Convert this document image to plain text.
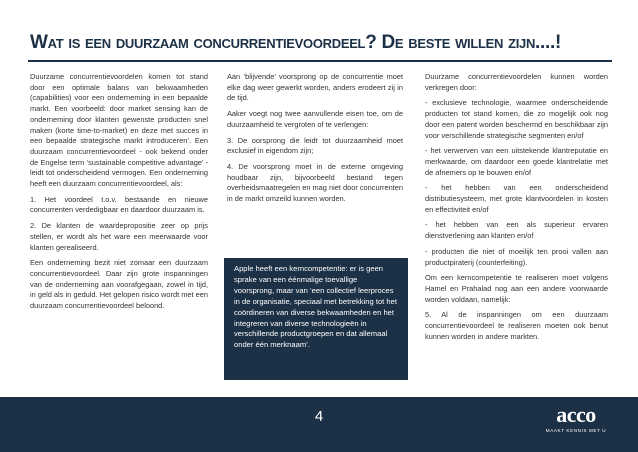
Wat is een duurzaam concurrentievoordeel? De beste willen zijn....!

Duurzame concurrentievoordelen komen tot stand door een optimale balans van bekwaamheden (capabilities) voor een onderneming in een bepaalde markt. Een voorbeeld: door market sensing kan de onderneming door klanten gewenste producten snel maken (korte time-to-market) en deze met succes in een bepaalde strategische markt introduceren’. Een duurzaam concurrentievoordeel - ook bekend onder de Engelse term ‘sustainable competitive advantage’ - leidt tot onderscheidend vermogen. Een onderneming heeft een duurzaam concurrentievoordeel, als:

1. Het voordeel t.o.v. bestaande en nieuwe concurrenten verdedigbaar en daardoor duurzaam is.

2. De klanten de waardepropositie zeer op prijs stellen, er wordt als het ware een meerwaarde voor klanten gerealiseerd.

Een onderneming bezit niet zomaar een duurzaam concurrentievoordeel. Daar zijn grote inspanningen van de onderneming aan voorafgegaan, zowel in tijd, in geld als in geduld. Het gelopen risico wordt met een duurzaam concurrentievoordeel beloond.

Aan ‘blijvende’ voorsprong op de concurrentie moet elke dag weer gewerkt worden, anders erodeert zij in de tijd.

Aaker voegt nog twee aanvullende eisen toe, om de duurzaamheid te vergroten of te verlengen:

3. De oorsprong die leidt tot duurzaamheid moet exclusief in eigendom zijn;

4. De voorsprong moet in de externe omgeving houdbaar zijn, bijvoorbeeld bestand tegen overheidsmaatregelen en mag niet door concurrenten in de markt omzeild kunnen worden.

Apple heeft een kerncompetentie: er is geen sprake van een éénmalige toevallige voorsprong, maar van ‘een collectief leerproces in de organisatie, speciaal met betrekking tot het coördineren van diverse bekwaamheden en het integreren van diverse technologieën in verschillende productgroepen en dat allemaal onder één merknaam’.

Duurzame concurrentievoordelen kunnen worden verkregen door:

- exclusieve technologie, waarmee onderscheidende producten tot stand komen, die zo mogelijk ook nog door een patent worden beschermd en beschikbaar zijn voor verschillende strategische segmenten en/of

- het verwerven van een uitstekende klantreputatie en merkwaarde, om daardoor een goede klantrelatie met de afnemers op te bouwen en/of

- het hebben van een onderscheidend distributiesysteem, met grote klantvoordelen in kosten en effectiviteit en/of

- het hebben van een als superieur ervaren dienstverlening aan klanten en/of

- producten die niet of moeilijk ten prooi vallen aan productpiraterij (counterfeiting).

Om een kerncompetentie te realiseren moet volgens Hamel en Prahalad nog aan een andere voorwaarde worden voldaan, namelijk:

5. Al de inspanningen om een duurzaam concurrentievoordeel te realiseren moeten ook benut kunnen worden in andere markten.

4	acco
MAAKT KENNIS MET U
